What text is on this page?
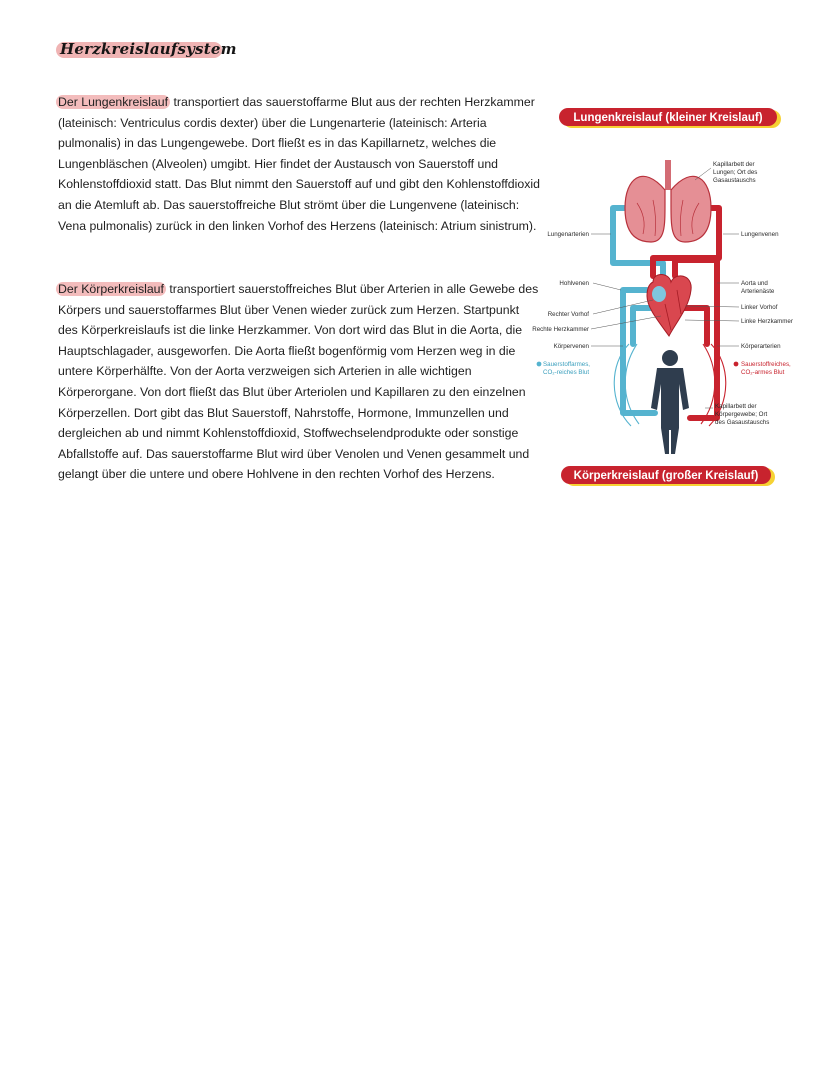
Herzkreislaufsystem

Der Lungenkreislauf transportiert das sauerstoffarme Blut aus der rechten Herzkammer (lateinisch: Ventriculus cordis dexter) über die Lungenarterie (lateinisch: Arteria pulmonalis) in das Lungengewebe. Dort fließt es in das Kapillarnetz, welches die Lungenbläschen (Alveolen) umgibt. Hier findet der Austausch von Sauerstoff und Kohlenstoffdioxid statt. Das Blut nimmt den Sauerstoff auf und gibt den Kohlenstoffdioxid an die Atemluft ab. Das sauerstoffreiche Blut strömt über die Lungenvene (lateinisch: Vena pulmonalis) zurück in den linken Vorhof des Herzens (lateinisch: Atrium sinistrum).

Der Körperkreislauf transportiert sauerstoffreiches Blut über Arterien in alle Gewebe des Körpers und sauerstoffarmes Blut über Venen wieder zurück zum Herzen. Startpunkt des Körperkreislaufs ist die linke Herzkammer. Von dort wird das Blut in die Aorta, die Hauptschlagader, ausgeworfen. Die Aorta fließt bogenförmig vom Herzen weg in die untere Körperhälfte. Von der Aorta verzweigen sich Arterien in alle wichtigen Körperorgane. Von dort fließt das Blut über Arteriolen und Kapillaren zu den einzelnen Körperzellen. Dort gibt das Blut Sauerstoff, Nahrstoffe, Hormone, Immunzellen und dergleichen ab und nimmt Kohlenstoffdioxid, Stoffwechselendprodukte oder sonstige Abfallstoffe auf. Das sauerstoffarme Blut wird über Venolen und Venen gesammelt und gelangt über die untere und obere Hohlvene in den rechten Vorhof des Herzens.

Lungenkreislauf (kleiner Kreislauf)
Kapillarbett der
Lungen; Ort des
Gasaustauschs
Lungenarterien	Lungenvenen
Hohlvenen	Aorta und
Arterienäste
Linker Vorhof
Rechter Vorhof
Linke Herzkammer
Rechte Herzkammer
Körpervenen	Körperarterien
Sauerstoffarmes,
CO₂-reiches Blut
Sauerstoffreiches,
CO₂-armes Blut
Kapillarbett der
Körpergewebe; Ort
des Gasaustauschs
Körperkreislauf (großer Kreislauf)
